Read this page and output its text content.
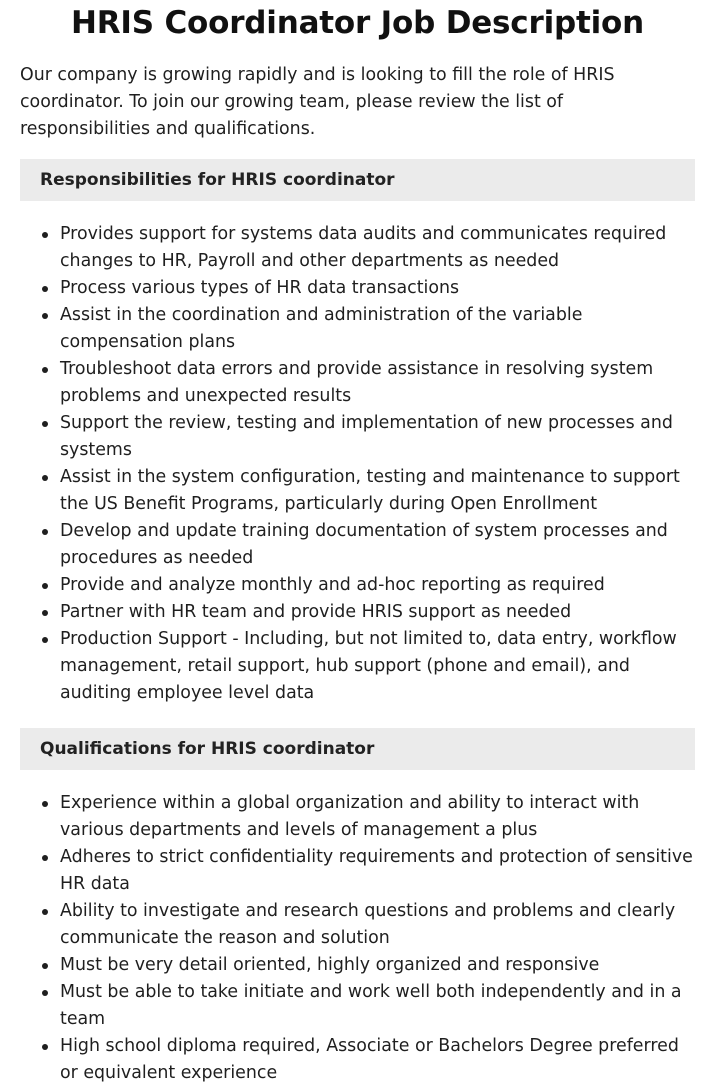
HRIS Coordinator Job Description

Our company is growing rapidly and is looking to fill the role of HRIS coordinator. To join our growing team, please review the list of responsibilities and qualifications.

Responsibilities for HRIS coordinator
Provides support for systems data audits and communicates required changes to HR, Payroll and other departments as needed
Process various types of HR data transactions
Assist in the coordination and administration of the variable compensation plans
Troubleshoot data errors and provide assistance in resolving system problems and unexpected results
Support the review, testing and implementation of new processes and systems
Assist in the system configuration, testing and maintenance to support the US Benefit Programs, particularly during Open Enrollment
Develop and update training documentation of system processes and procedures as needed
Provide and analyze monthly and ad-hoc reporting as required
Partner with HR team and provide HRIS support as needed
Production Support - Including, but not limited to, data entry, workflow management, retail support, hub support (phone and email), and auditing employee level data
Qualifications for HRIS coordinator
Experience within a global organization and ability to interact with various departments and levels of management a plus
Adheres to strict confidentiality requirements and protection of sensitive HR data
Ability to investigate and research questions and problems and clearly communicate the reason and solution
Must be very detail oriented, highly organized and responsive
Must be able to take initiate and work well both independently and in a team
High school diploma required, Associate or Bachelors Degree preferred or equivalent experience
